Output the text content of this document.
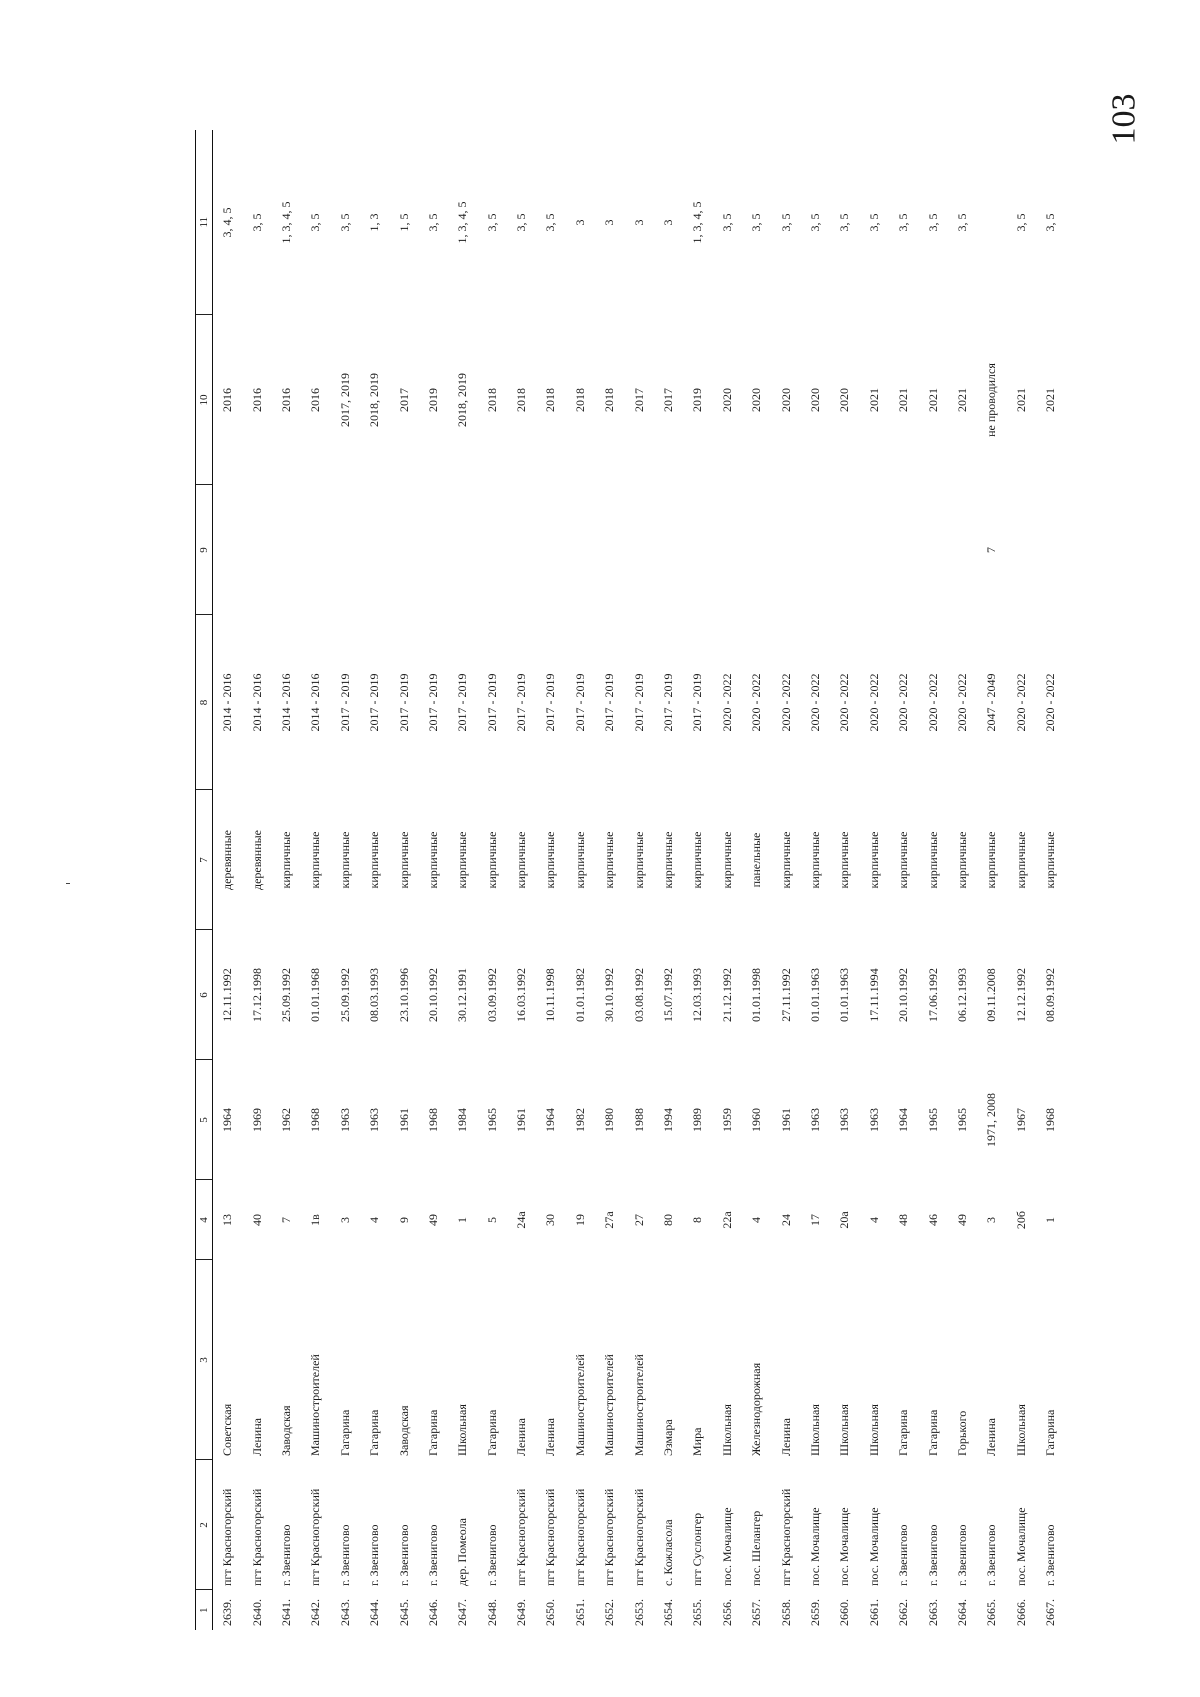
103
1	2	3	4	5	6	7	8	9	10	11
2639.	пгт Красногорский	Советская	13	1964	12.11.1992	деревянные	2014 - 2016		2016	3, 4, 5
2640.	пгт Красногорский	Ленина	40	1969	17.12.1998	деревянные	2014 - 2016		2016	3, 5
2641.	г. Звенигово	Заводская	7	1962	25.09.1992	кирпичные	2014 - 2016		2016	1, 3, 4, 5
2642.	пгт Красногорский	Машиностроителей	1в	1968	01.01.1968	кирпичные	2014 - 2016		2016	3, 5
2643.	г. Звенигово	Гагарина	3	1963	25.09.1992	кирпичные	2017 - 2019		2017, 2019	3, 5
2644.	г. Звенигово	Гагарина	4	1963	08.03.1993	кирпичные	2017 - 2019		2018, 2019	1, 3
2645.	г. Звенигово	Заводская	9	1961	23.10.1996	кирпичные	2017 - 2019		2017	1, 5
2646.	г. Звенигово	Гагарина	49	1968	20.10.1992	кирпичные	2017 - 2019		2019	3, 5
2647.	дер. Помеола	Школьная	1	1984	30.12.1991	кирпичные	2017 - 2019		2018, 2019	1, 3, 4, 5
2648.	г. Звенигово	Гагарина	5	1965	03.09.1992	кирпичные	2017 - 2019		2018	3, 5
2649.	пгт Красногорский	Ленина	24а	1961	16.03.1992	кирпичные	2017 - 2019		2018	3, 5
2650.	пгт Красногорский	Ленина	30	1964	10.11.1998	кирпичные	2017 - 2019		2018	3, 5
2651.	пгт Красногорский	Машиностроителей	19	1982	01.01.1982	кирпичные	2017 - 2019		2018	3
2652.	пгт Красногорский	Машиностроителей	27а	1980	30.10.1992	кирпичные	2017 - 2019		2018	3
2653.	пгт Красногорский	Машиностроителей	27	1988	03.08.1992	кирпичные	2017 - 2019		2017	3
2654.	с. Кожласола	Эзмара	80	1994	15.07.1992	кирпичные	2017 - 2019		2017	3
2655.	пгт Суслонгер	Мира	8	1989	12.03.1993	кирпичные	2017 - 2019		2019	1, 3, 4, 5
2656.	пос. Мочалище	Школьная	22а	1959	21.12.1992	кирпичные	2020 - 2022		2020	3, 5
2657.	пос. Шелангер	Железнодорожная	4	1960	01.01.1998	панельные	2020 - 2022		2020	3, 5
2658.	пгт Красногорский	Ленина	24	1961	27.11.1992	кирпичные	2020 - 2022		2020	3, 5
2659.	пос. Мочалище	Школьная	17	1963	01.01.1963	кирпичные	2020 - 2022		2020	3, 5
2660.	пос. Мочалище	Школьная	20а	1963	01.01.1963	кирпичные	2020 - 2022		2020	3, 5
2661.	пос. Мочалище	Школьная	4	1963	17.11.1994	кирпичные	2020 - 2022		2021	3, 5
2662.	г. Звенигово	Гагарина	48	1964	20.10.1992	кирпичные	2020 - 2022		2021	3, 5
2663.	г. Звенигово	Гагарина	46	1965	17.06.1992	кирпичные	2020 - 2022		2021	3, 5
2664.	г. Звенигово	Горького	49	1965	06.12.1993	кирпичные	2020 - 2022		2021	3, 5
2665.	г. Звенигово	Ленина	3	1971, 2008	09.11.2008	кирпичные	2047 - 2049	7	не проводился	
2666.	пос. Мочалище	Школьная	20б	1967	12.12.1992	кирпичные	2020 - 2022		2021	3, 5
2667.	г. Звенигово	Гагарина	1	1968	08.09.1992	кирпичные	2020 - 2022		2021	3, 5
